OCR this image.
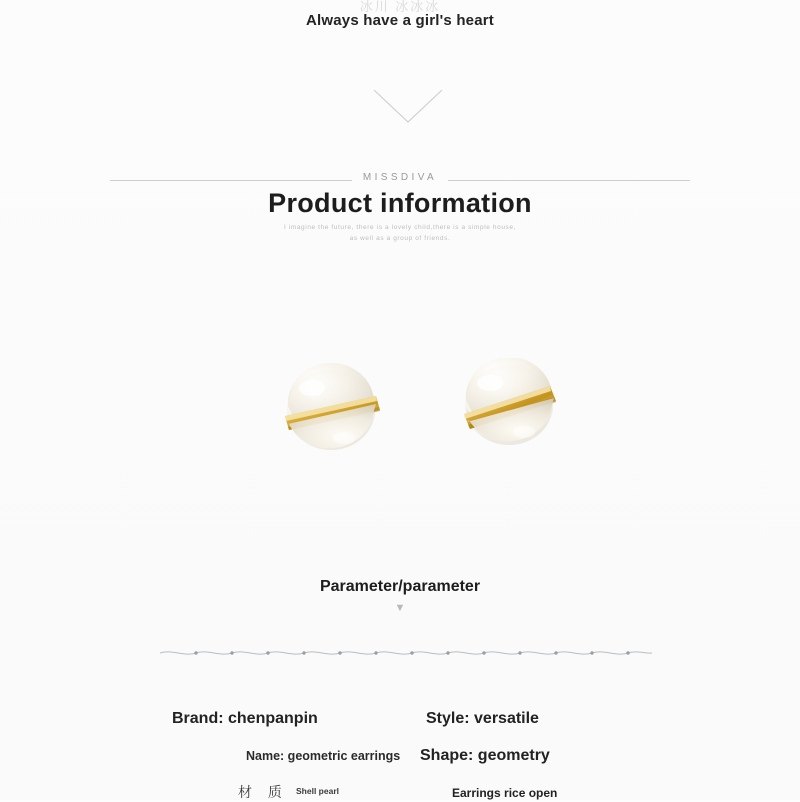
冰川 冰冰冰
Always have a girl's heart
MISSDIVA
Product information
I imagine the future, there is a lovely child,there is a simple house,
as well as a group of friends.
Parameter/parameter
▼
Brand: chenpanpin	Style: versatile
Name: geometric earrings Shape: geometry
材 质 Shell pearl	Earrings rice open
